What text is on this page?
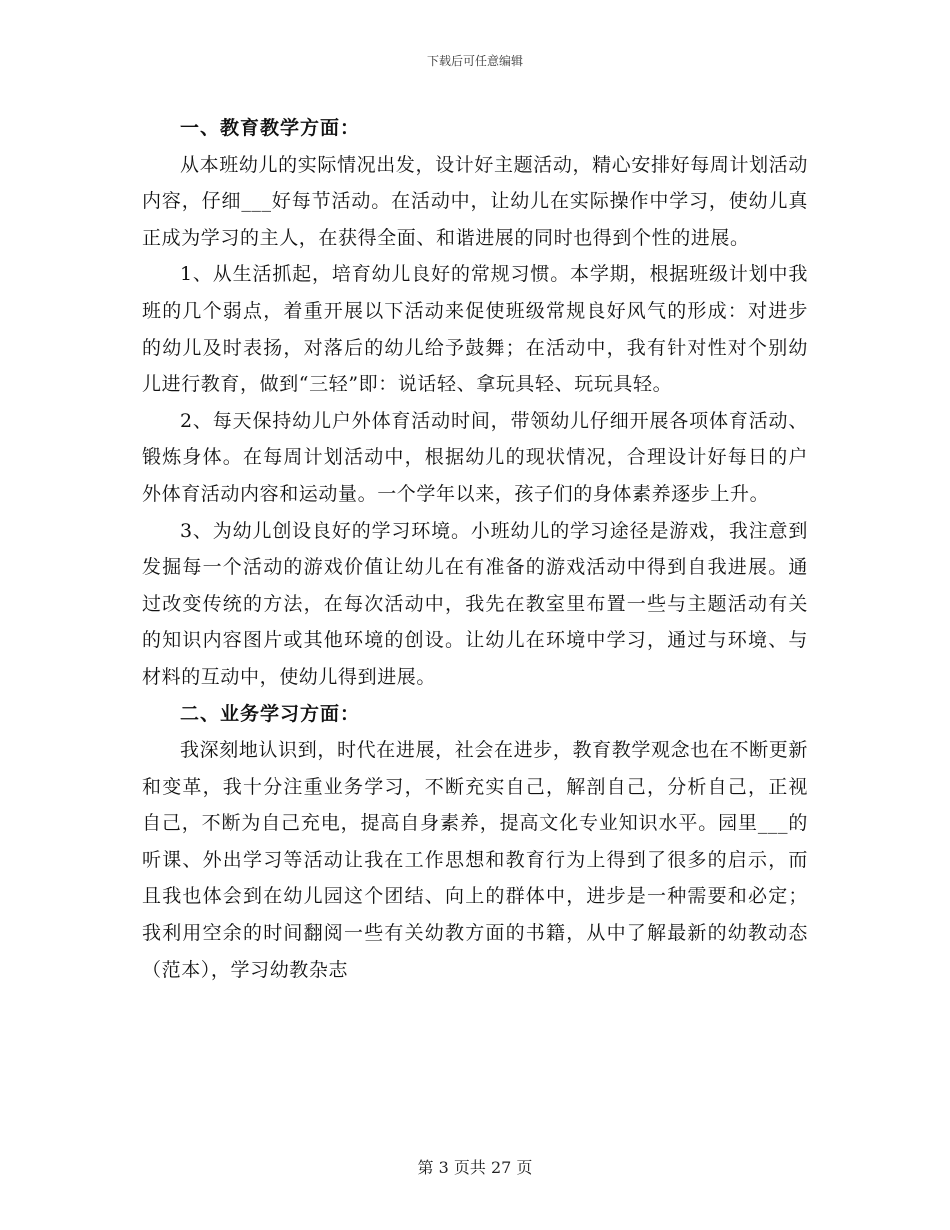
下载后可任意编辑
一、教育教学方面：

从本班幼儿的实际情况出发，设计好主题活动，精心安排好每周计划活动内容，仔细___好每节活动。在活动中，让幼儿在实际操作中学习，使幼儿真正成为学习的主人，在获得全面、和谐进展的同时也得到个性的进展。

1、从生活抓起，培育幼儿良好的常规习惯。本学期，根据班级计划中我班的几个弱点，着重开展以下活动来促使班级常规良好风气的形成：对进步的幼儿及时表扬，对落后的幼儿给予鼓舞；在活动中，我有针对性对个别幼儿进行教育，做到“三轻”即：说话轻、拿玩具轻、玩玩具轻。

2、每天保持幼儿户外体育活动时间，带领幼儿仔细开展各项体育活动、锻炼身体。在每周计划活动中，根据幼儿的现状情况，合理设计好每日的户外体育活动内容和运动量。一个学年以来，孩子们的身体素养逐步上升。

3、为幼儿创设良好的学习环境。小班幼儿的学习途径是游戏，我注意到发掘每一个活动的游戏价值让幼儿在有准备的游戏活动中得到自我进展。通过改变传统的方法，在每次活动中，我先在教室里布置一些与主题活动有关的知识内容图片或其他环境的创设。让幼儿在环境中学习，通过与环境、与材料的互动中，使幼儿得到进展。

二、业务学习方面：

我深刻地认识到，时代在进展，社会在进步，教育教学观念也在不断更新和变革，我十分注重业务学习，不断充实自己，解剖自己，分析自己，正视自己，不断为自己充电，提高自身素养，提高文化专业知识水平。园里___的听课、外出学习等活动让我在工作思想和教育行为上得到了很多的启示，而且我也体会到在幼儿园这个团结、向上的群体中，进步是一种需要和必定；我利用空余的时间翻阅一些有关幼教方面的书籍，从中了解最新的幼教动态（范本），学习幼教杂志

第 3 页共 27 页
